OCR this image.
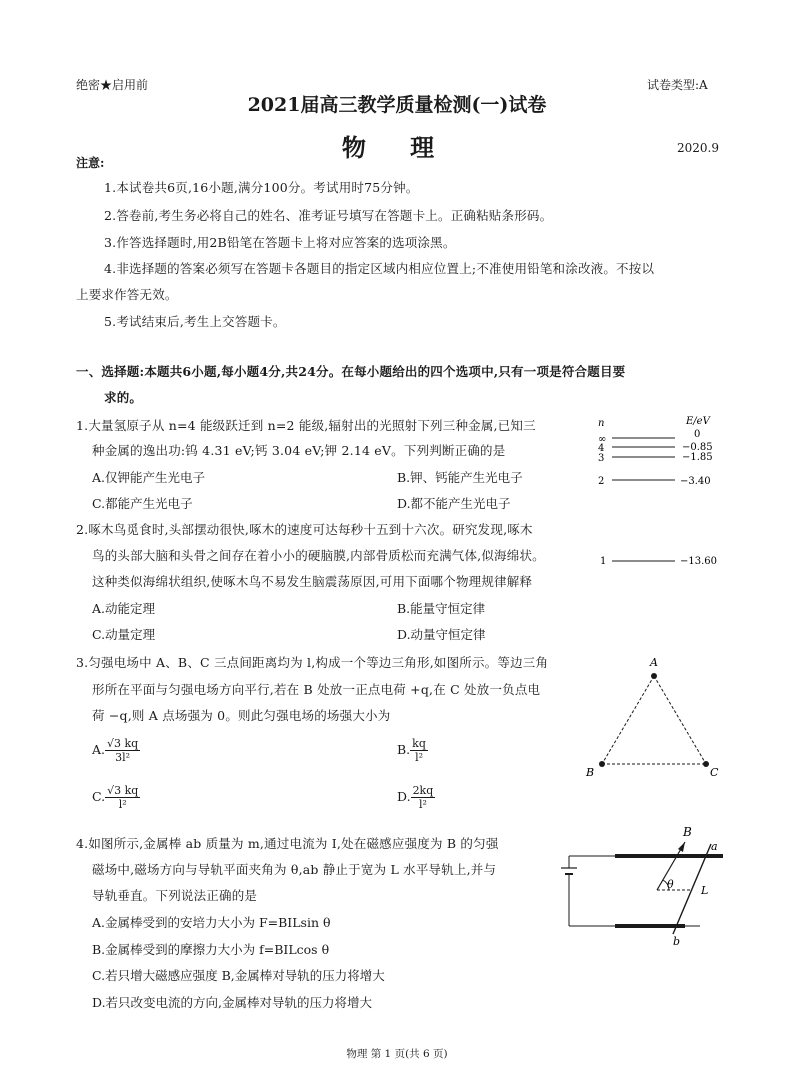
绝密★启用前	试卷类型:A
2021届高三教学质量检测(一)试卷
物 理	2020.9
注意:
1.本试卷共6页,16小题,满分100分。考试用时75分钟。
2.答卷前,考生务必将自己的姓名、准考证号填写在答题卡上。正确粘贴条形码。
3.作答选择题时,用2B铅笔在答题卡上将对应答案的选项涂黑。
4.非选择题的答案必须写在答题卡各题目的指定区域内相应位置上;不准使用铅笔和涂改液。不按以
上要求作答无效。
5.考试结束后,考生上交答题卡。
一、选择题:本题共6小题,每小题4分,共24分。在每小题给出的四个选项中,只有一项是符合题目要
求的。
1.大量氢原子从 n=4 能级跃迁到 n=2 能级,辐射出的光照射下列三种金属,已知三
种金属的逸出功:钨 4.31 eV;钙 3.04 eV;钾 2.14 eV。下列判断正确的是
A.仅钾能产生光电子	B.钾、钙能产生光电子
C.都能产生光电子	D.都不能产生光电子
n	E/eV
∞	0
4	−0.85
3	−1.85
2	−3.40
1	−13.60
2.啄木鸟觅食时,头部摆动很快,啄木的速度可达每秒十五到十六次。研究发现,啄木
鸟的头部大脑和头骨之间存在着小小的硬脑膜,内部骨质松而充满气体,似海绵状。
这种类似海绵状组织,使啄木鸟不易发生脑震荡原因,可用下面哪个物理规律解释
A.动能定理	B.能量守恒定律
C.动量定理	D.动量守恒定律
3.匀强电场中 A、B、C 三点间距离均为 l,构成一个等边三角形,如图所示。等边三角
形所在平面与匀强电场方向平行,若在 B 处放一正点电荷 +q,在 C 处放一负点电
荷 −q,则 A 点场强为 0。则此匀强电场的场强大小为
A. $\frac{√3 kq}{\text{3l²}}$	B. $\frac{kq}{\text{l²}}$
C. $\frac{√3 kq}{\text{l²}}$	D. $\frac{2kq}{\text{l²}}$
A
B	C
4.如图所示,金属棒 ab 质量为 m,通过电流为 I,处在磁感应强度为 B 的匀强
磁场中,磁场方向与导轨平面夹角为 θ,ab 静止于宽为 L 水平导轨上,并与
导轨垂直。下列说法正确的是
A.金属棒受到的安培力大小为 F=BILsin θ
B.金属棒受到的摩擦力大小为 f=BILcos θ
C.若只增大磁感应强度 B,金属棒对导轨的压力将增大
D.若只改变电流的方向,金属棒对导轨的压力将增大
B
θ
a
b
L
物理 第 1 页(共 6 页)
